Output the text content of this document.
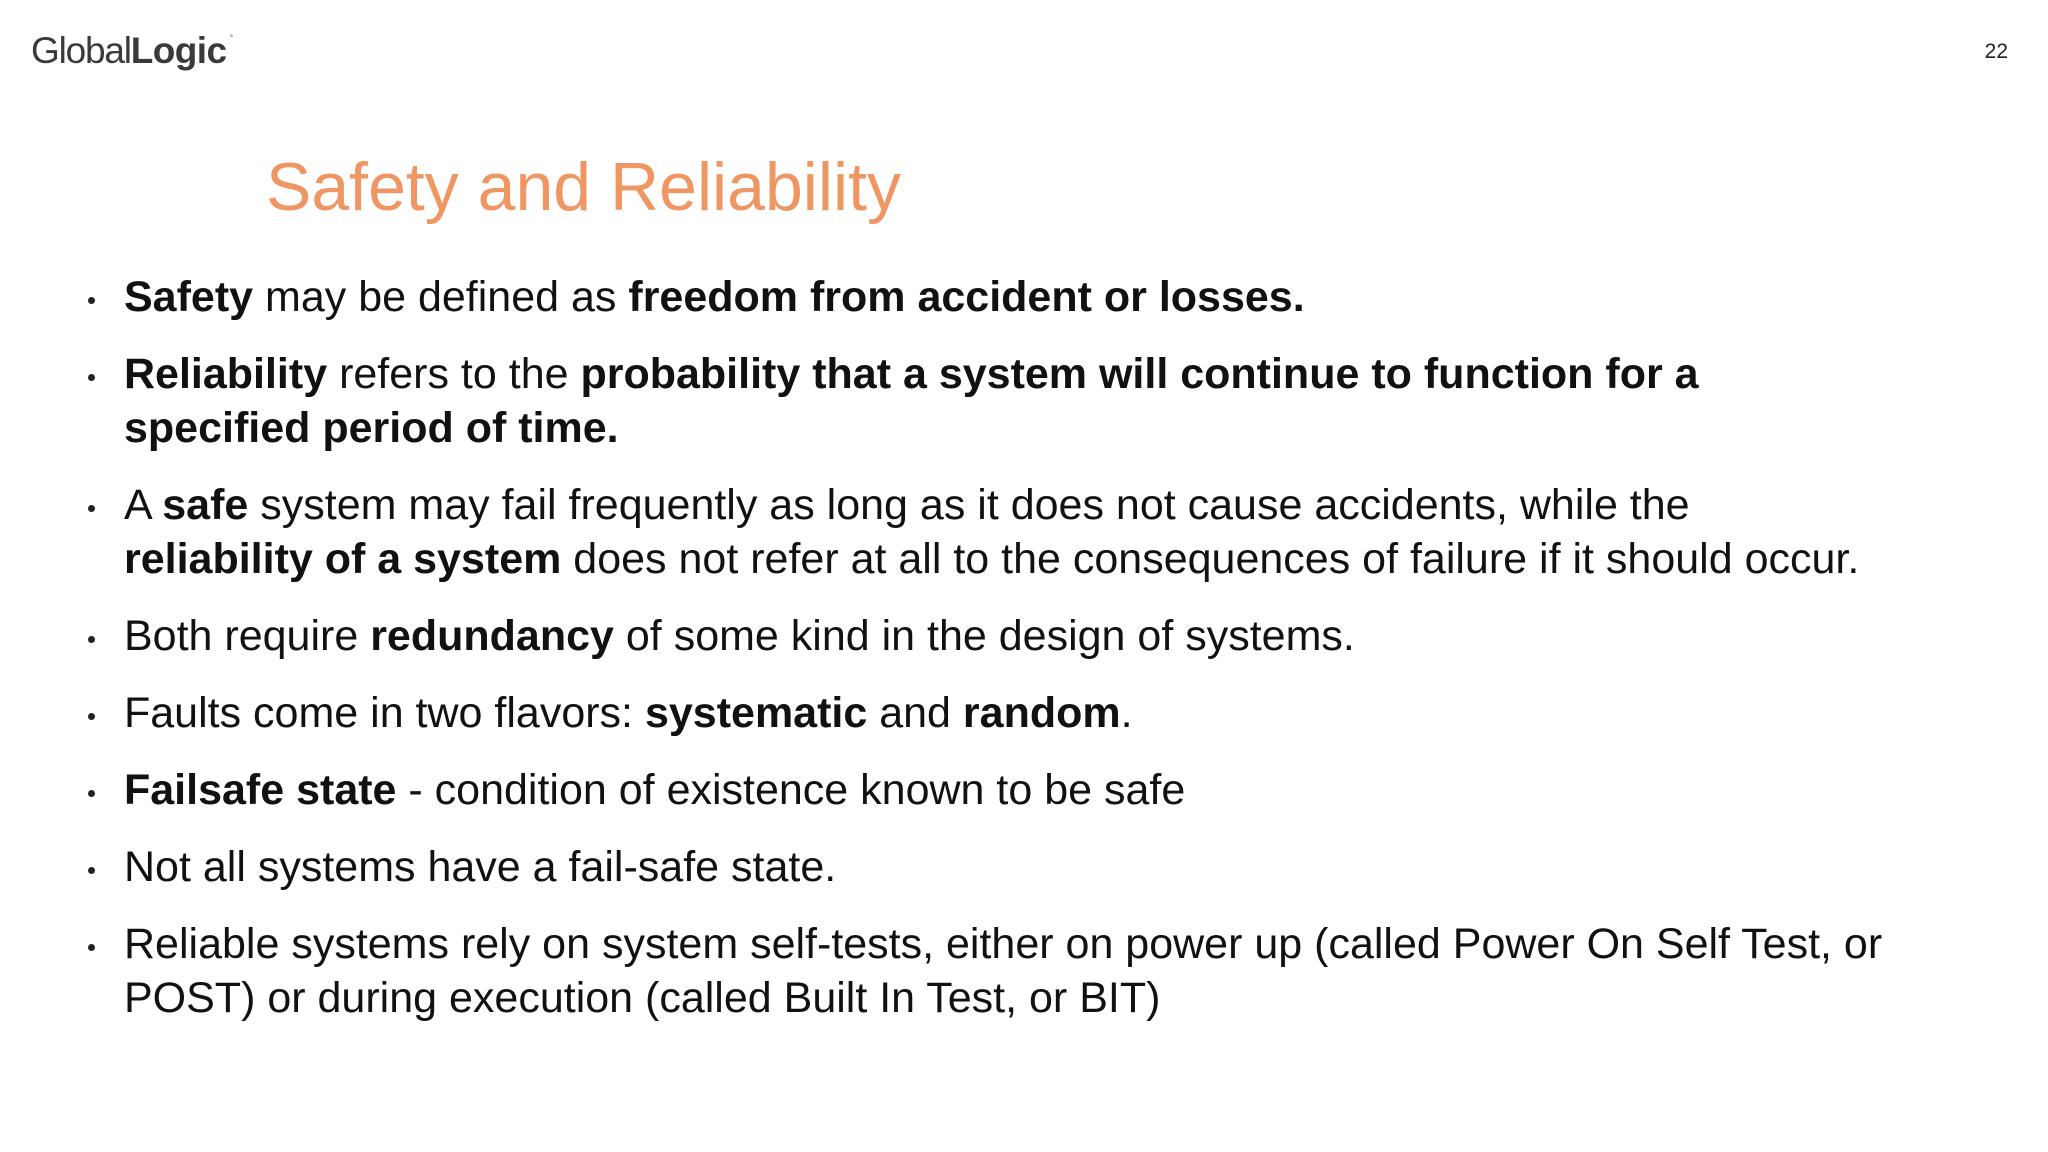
Global Logic °
22
Safety and Reliability
Safety may be defined as freedom from accident or losses.
Reliability refers to the probability that a system will continue to function for a specified period of time.
A safe system may fail frequently as long as it does not cause accidents, while the reliability of a system does not refer at all to the consequences of failure if it should occur.
Both require redundancy of some kind in the design of systems.
Faults come in two flavors: systematic and random.
Failsafe state - condition of existence known to be safe
Not all systems have a fail-safe state.
Reliable systems rely on system self-tests, either on power up (called Power On Self Test, or POST) or during execution (called Built In Test, or BIT)
